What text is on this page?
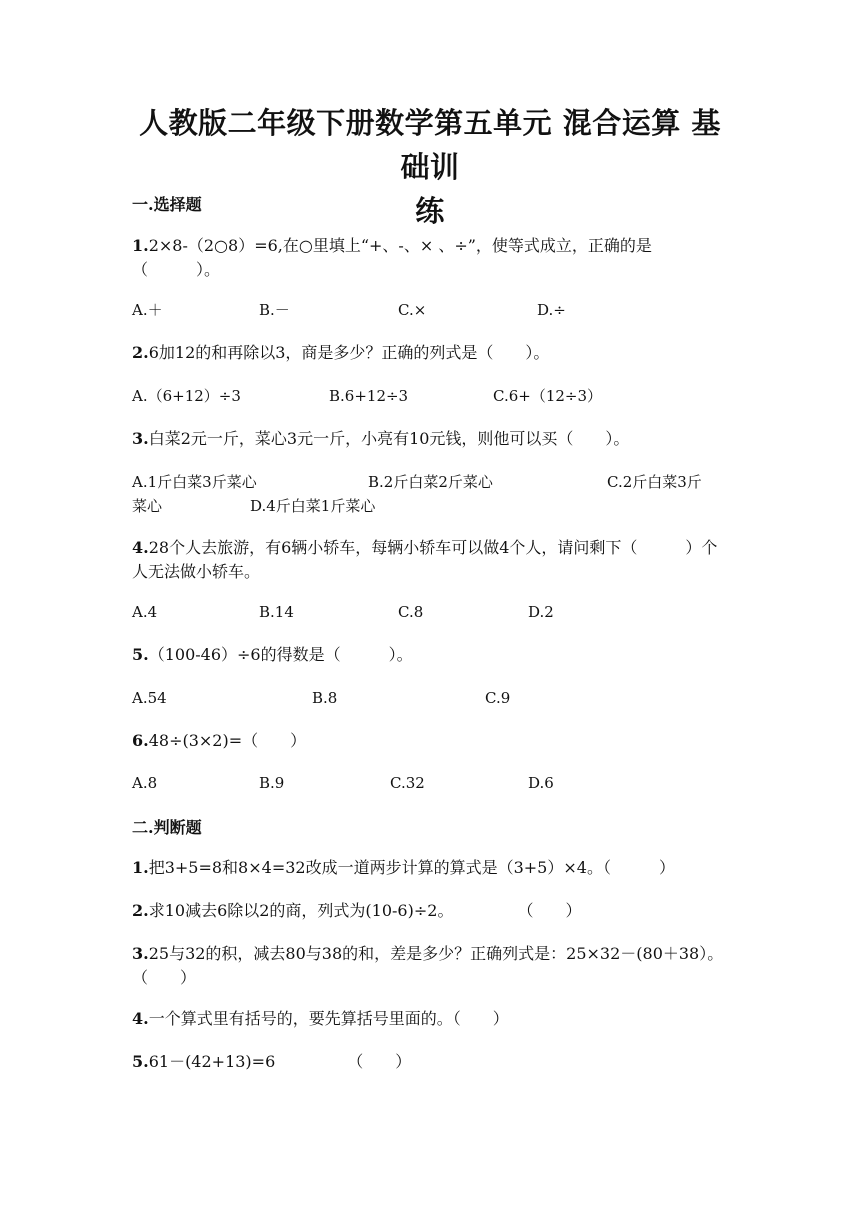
人教版二年级下册数学第五单元 混合运算 基础训
练
一.选择题
1.2×8-（2○8）=6,在○里填上“+、-、× 、÷”，使等式成立，正确的是（　　　）。
A.＋	B.－	C.×	D.÷
2.6加12的和再除以3，商是多少？正确的列式是（　　）。
A.（6+12）÷3	B.6+12÷3	C.6+（12÷3）
3.白菜2元一斤，菜心3元一斤，小亮有10元钱，则他可以买（　　）。
A.1斤白菜3斤菜心	B.2斤白菜2斤菜心	C.2斤白菜3斤
菜心	D.4斤白菜1斤菜心
4.28个人去旅游，有6辆小轿车，每辆小轿车可以做4个人，请问剩下（　　　）个人无法做小轿车。
A.4	B.14	C.8	D.2
5.（100-46）÷6的得数是（　　　）。
A.54	B.8	C.9
6.48÷(3×2)=（　　）
A.8	B.9	C.32	D.6
二.判断题
1.把3+5=8和8×4=32改成一道两步计算的算式是（3+5）×4。（　　　）
2.求10减去6除以2的商，列式为(10-6)÷2。　　　　　（　　）
3.25与32的积，减去80与38的和，差是多少？正确列式是：25×32－(80＋38）。　　　　（　　）
4.一个算式里有括号的，要先算括号里面的。（　　）
5.61－(42+13)=6　　　　　（　　）
